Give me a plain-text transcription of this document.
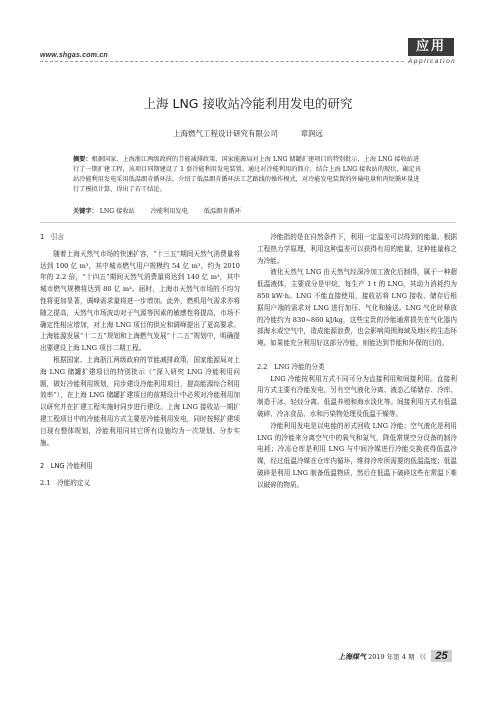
www.shgas.com.cn
应用
Application
上海 LNG 接收站冷能利用发电的研究
上海燃气工程设计研究有限公司	章润远
摘要：根据国家、上海浙江两级政府的节能减排政策，国家能源局对上海 LNG 储罐扩建项目的特别批示，上海 LNG 接收站进行了一期扩建工程，该项目同期建设了 1 套冷能利用发电装置。通过对冷能利用的简介，结合上海 LNG 接收站的现状，确定该站冷能利用发电采用低温朗肯循环法。介绍了低温朗肯循环法工艺路线的操作模式，对冷能发电装置的外输电量和丙烷循环量进行了模拟计算，得出了若干结论。
关键字： LNG 接收站	冷能利用发电	低温朗肯循环
1　引言

随着上海天然气市场的快速扩容，“十三五”期间天然气消费量将达到 100 亿 m³，其中城市燃气用户规模约 54 亿 m³，约为 2010 年的 2.2 倍，“十四五”期间天然气消费量将达到 140 亿 m³，其中城市燃气规模将达到 80 亿 m³。届时，上海市天然气市场的不均匀性将更加显著，调峰需求量将进一步增加。此外，燃机用气需求亦将随之提高，天然气市场波动对于气源等因素的敏感性将提高，市场不确定性相应增加，对上海 LNG 项目的供应和调峰提出了更高要求。上海能源发展“十二五”规划和上海燃气发展“十二五”规划中，明确提出要建设上海 LNG 项目二期工程。

根据国家、上海浙江两级政府的节能减排政策，国家能源局对上海 LNG 储罐扩建项目的特别批示（“深入研究 LNG 冷能利用问题，做好冷能利用规划，同步建设冷能利用项目，提高能源综合利用效率”），在上海 LNG 储罐扩建项目的前期设计中必须对冷能利用加以研究并在扩建工程实施时同步进行建设。上海 LNG 接收站一期扩建工程项目中的冷能利用方式主要是冷能利用发电，同时按照扩建项目现有整体规划，冷能利用同其它所有设施均为一次规划、分步实施。

2　LNG 冷能利用
2.1　冷能的定义

冷能指的是在自然条件下，利用一定温差可以得到的能量。根据工程热力学原理，利用这种温差可以获得有用的能量，这种能量称之为冷能。

液化天然气 LNG 由天然气经深冷加工液化后制得，属于一种超低温液体，主要成分是甲烷，每生产 1 t 的 LNG，其动力消耗约为 850 kW·h。LNG 不能直接使用，接收站将 LNG 接收、储存后根据用户端的需求对 LNG 进行加压、气化和输送。LNG 气化时释放的冷能约为 830~860 kJ/kg，这些宝贵的冷能通常损失在气化器内部海水或空气中，造成能源浪费，也会影响周围海域及地区的生态环境。如果能充分利用好这部分冷能，则能达到节能和环保的目的。

2.2　LNG 冷能的分类

LNG 冷能按利用方式不同可分为直接利用和间接利用。直接利用方式主要有冷能发电，另有空气液化分离、液态乙烯储存、冷库、制造干冰、轻烃分离、低温养殖和海水淡化等。间接利用方式有低温破碎、冷冻食品、水和污染物处理及低温干燥等。

冷能利用发电是以电能的形式回收 LNG 冷能；空气液化是利用 LNG 的冷能来分离空气中的氧气和氮气，降低常规空分设备的制冷电耗；冷冻仓库是利用 LNG 与中间冷媒进行冷能交换获得低温冷媒，经过低温冷媒在仓库内循环，维持冷库所需要的低温温度；低温破碎是利用 LNG 制备低温物质，然后在低温下破碎这些在常温下难以破碎的物质。

上海煤气 2019 年第 4 期 《《 25
